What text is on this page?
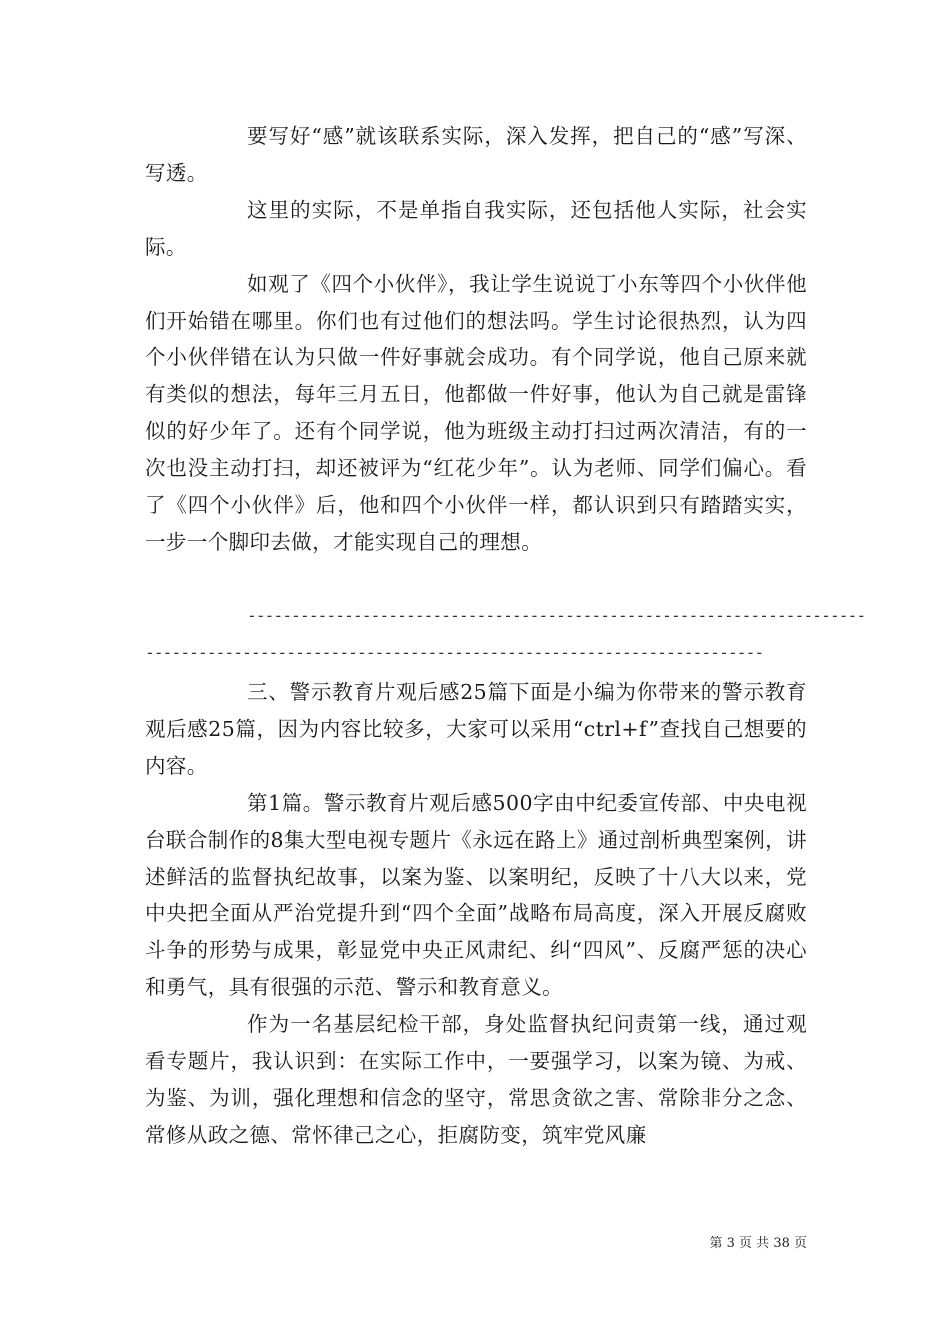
要写好“感”就该联系实际，深入发挥，把自己的“感”写深、写透。

这里的实际，不是单指自我实际，还包括他人实际，社会实际。

如观了《四个小伙伴》，我让学生说说丁小东等四个小伙伴他们开始错在哪里。你们也有过他们的想法吗。学生讨论很热烈，认为四个小伙伴错在认为只做一件好事就会成功。有个同学说，他自己原来就有类似的想法，每年三月五日，他都做一件好事，他认为自己就是雷锋似的好少年了。还有个同学说，他为班级主动打扫过两次清洁，有的一次也没主动打扫，却还被评为“红花少年”。认为老师、同学们偏心。看了《四个小伙伴》后，他和四个小伙伴一样，都认识到只有踏踏实实，一步一个脚印去做，才能实现自己的理想。

----------------------------------------------------------------------
----------------------------------------------------------------------

三、警示教育片观后感25篇下面是小编为你带来的警示教育观后感25篇，因为内容比较多，大家可以采用“ctrl+f”查找自己想要的内容。

第1篇。警示教育片观后感500字由中纪委宣传部、中央电视台联合制作的8集大型电视专题片《永远在路上》通过剖析典型案例，讲述鲜活的监督执纪故事，以案为鉴、以案明纪，反映了十八大以来，党中央把全面从严治党提升到“四个全面”战略布局高度，深入开展反腐败斗争的形势与成果，彰显党中央正风肃纪、纠“四风”、反腐严惩的决心和勇气，具有很强的示范、警示和教育意义。

作为一名基层纪检干部，身处监督执纪问责第一线，通过观看专题片，我认识到：在实际工作中，一要强学习，以案为镜、为戒、为鉴、为训，强化理想和信念的坚守，常思贪欲之害、常除非分之念、常修从政之德、常怀律己之心，拒腐防变，筑牢党风廉

第 3 页 共 38 页
